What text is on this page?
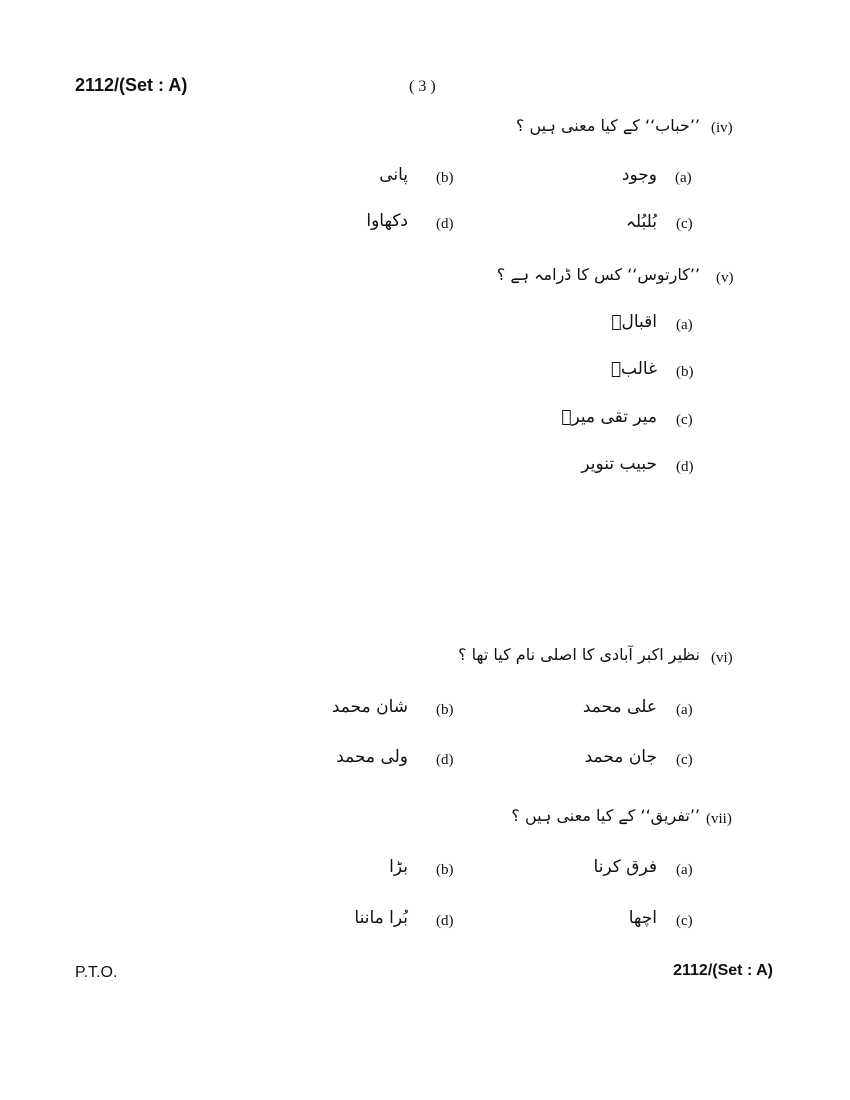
2112/(Set : A)	( 3 )
(iv)
’’حباب‘‘ کے کیا معنی ہیں ؟
(a)
وجود
(b)
پانی
(c)
بُلبُلہ
(d)
دکھاوا
(v)
’’کارتوس‘‘ کس کا ڈرامہ ہے ؟
(a)
اقبالؔ
(b)
غالبؔ
(c)
میر تقی میرؔ
(d)
حبیب تنویر
(vi)
نظیر اکبر آبادی کا اصلی نام کیا تھا ؟
(a)
علی محمد
(b)
شان محمد
(c)
جان محمد
(d)
ولی محمد
(vii)
’’تفریق‘‘ کے کیا معنی ہیں ؟
(a)
فرق کرنا
(b)
بڑا
(c)
اچھا
(d)
بُرا ماننا
P.T.O.	2112/(Set : A)
